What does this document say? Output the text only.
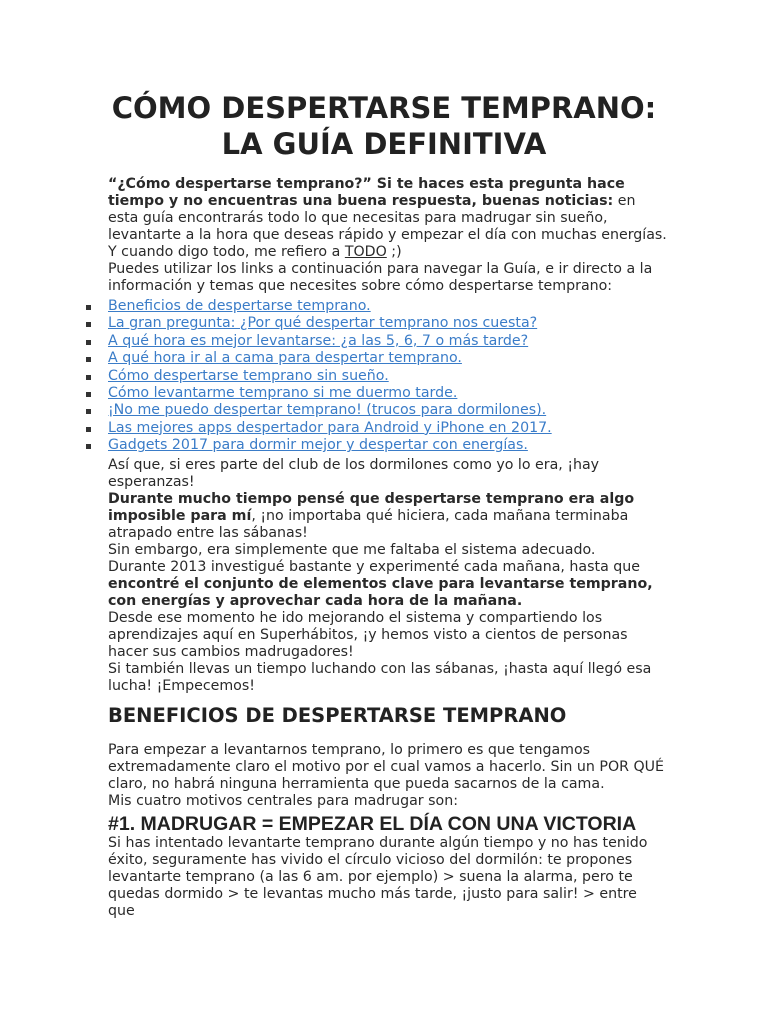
CÓMO DESPERTARSE TEMPRANO:
LA GUÍA DEFINITIVA

“¿Cómo despertarse temprano?” Si te haces esta pregunta hace tiempo y no encuentras una buena respuesta, buenas noticias: en esta guía encontrarás todo lo que necesitas para madrugar sin sueño, levantarte a la hora que deseas rápido y empezar el día con muchas energías.

Y cuando digo todo, me refiero a TODO ;)

Puedes utilizar los links a continuación para navegar la Guía, e ir directo a la información y temas que necesites sobre cómo despertarse temprano:

Beneficios de despertarse temprano.
La gran pregunta: ¿Por qué despertar temprano nos cuesta?
A qué hora es mejor levantarse: ¿a las 5, 6, 7 o más tarde?
A qué hora ir al a cama para despertar temprano.
Cómo despertarse temprano sin sueño.
Cómo levantarme temprano si me duermo tarde.
¡No me puedo despertar temprano! (trucos para dormilones).
Las mejores apps despertador para Android y iPhone en 2017.
Gadgets 2017 para dormir mejor y despertar con energías.

Así que, si eres parte del club de los dormilones como yo lo era, ¡hay esperanzas!

Durante mucho tiempo pensé que despertarse temprano era algo imposible para mí, ¡no importaba qué hiciera, cada mañana terminaba atrapado entre las sábanas!

Sin embargo, era simplemente que me faltaba el sistema adecuado.

Durante 2013 investigué bastante y experimenté cada mañana, hasta que encontré el conjunto de elementos clave para levantarse temprano, con energías y aprovechar cada hora de la mañana.

Desde ese momento he ido mejorando el sistema y compartiendo los aprendizajes aquí en Superhábitos, ¡y hemos visto a cientos de personas hacer sus cambios madrugadores!

Si también llevas un tiempo luchando con las sábanas, ¡hasta aquí llegó esa lucha! ¡Empecemos!

BENEFICIOS DE DESPERTARSE TEMPRANO

Para empezar a levantarnos temprano, lo primero es que tengamos extremadamente claro el motivo por el cual vamos a hacerlo. Sin un POR QUÉ claro, no habrá ninguna herramienta que pueda sacarnos de la cama.

Mis cuatro motivos centrales para madrugar son:

#1. MADRUGAR = EMPEZAR EL DÍA CON UNA VICTORIA

Si has intentado levantarte temprano durante algún tiempo y no has tenido éxito, seguramente has vivido el círculo vicioso del dormilón: te propones levantarte temprano (a las 6 am. por ejemplo) > suena la alarma, pero te quedas dormido > te levantas mucho más tarde, ¡justo para salir! > entre que
